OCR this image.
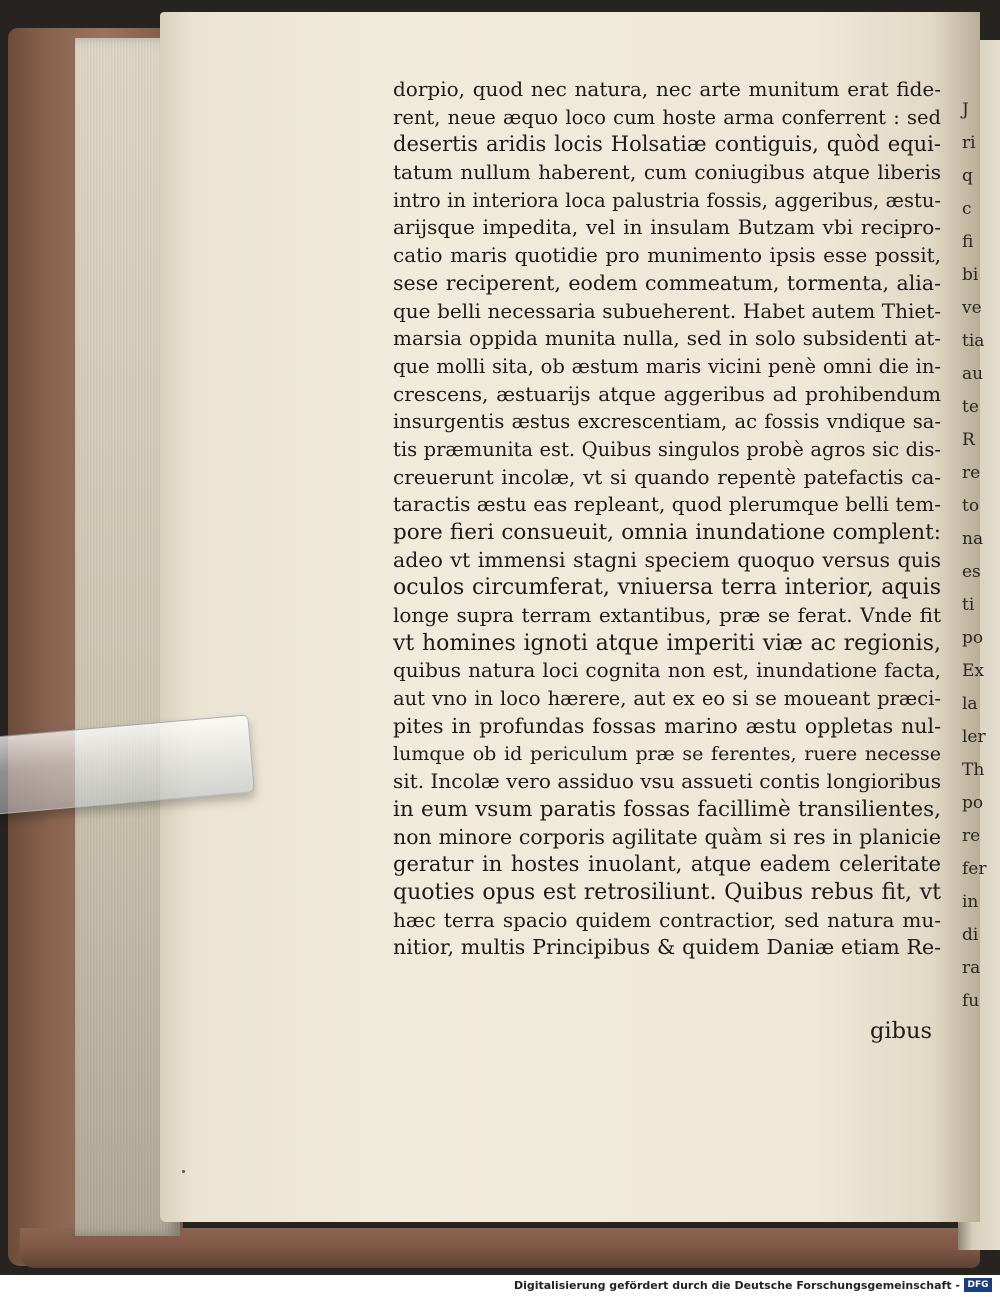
J
ri
q
c
fi
bi
ve
tia
au
te
R
re
to
na
es
ti
po
Ex
la
ler
Th
po
re
fer
in
di
ra
fu
dorpio, quod nec natura, nec arte munitum erat fide-
rent, neue æquo loco cum hoste arma conferrent : sed
desertis aridis locis Holsatiæ contiguis, quòd equi-
tatum nullum haberent, cum coniugibus atque liberis
intro in interiora loca palustria fossis, aggeribus, æstu-
arijsque impedita, vel in insulam Butzam vbi recipro-
catio maris quotidie pro munimento ipsis esse possit,
sese reciperent, eodem commeatum, tormenta, alia-
que belli necessaria subueherent. Habet autem Thiet-
marsia oppida munita nulla, sed in solo subsidenti at-
que molli sita, ob æstum maris vicini penè omni die in-
crescens, æstuarijs atque aggeribus ad prohibendum
insurgentis æstus excrescentiam, ac fossis vndique sa-
tis præmunita est. Quibus singulos probè agros sic dis-
creuerunt incolæ, vt si quando repentè patefactis ca-
taractis æstu eas repleant, quod plerumque belli tem-
pore fieri consueuit, omnia inundatione complent:
adeo vt immensi stagni speciem quoquo versus quis
oculos circumferat, vniuersa terra interior, aquis
longe supra terram extantibus, præ se ferat. Vnde fit
vt homines ignoti atque imperiti viæ ac regionis,
quibus natura loci cognita non est, inundatione facta,
aut vno in loco hærere, aut ex eo si se moueant præci-
pites in profundas fossas marino æstu oppletas nul-
lumque ob id periculum præ se ferentes, ruere necesse
sit. Incolæ vero assiduo vsu assueti contis longioribus
in eum vsum paratis fossas facillimè transilientes,
non minore corporis agilitate quàm si res in planicie
geratur in hostes inuolant, atque eadem celeritate
quoties opus est retrosiliunt. Quibus rebus fit, vt
hæc terra spacio quidem contractior, sed natura mu-
nitior, multis Principibus & quidem Daniæ etiam Re-
gibus
Digitalisierung gefördert durch die Deutsche Forschungsgemeinschaft - DFG
